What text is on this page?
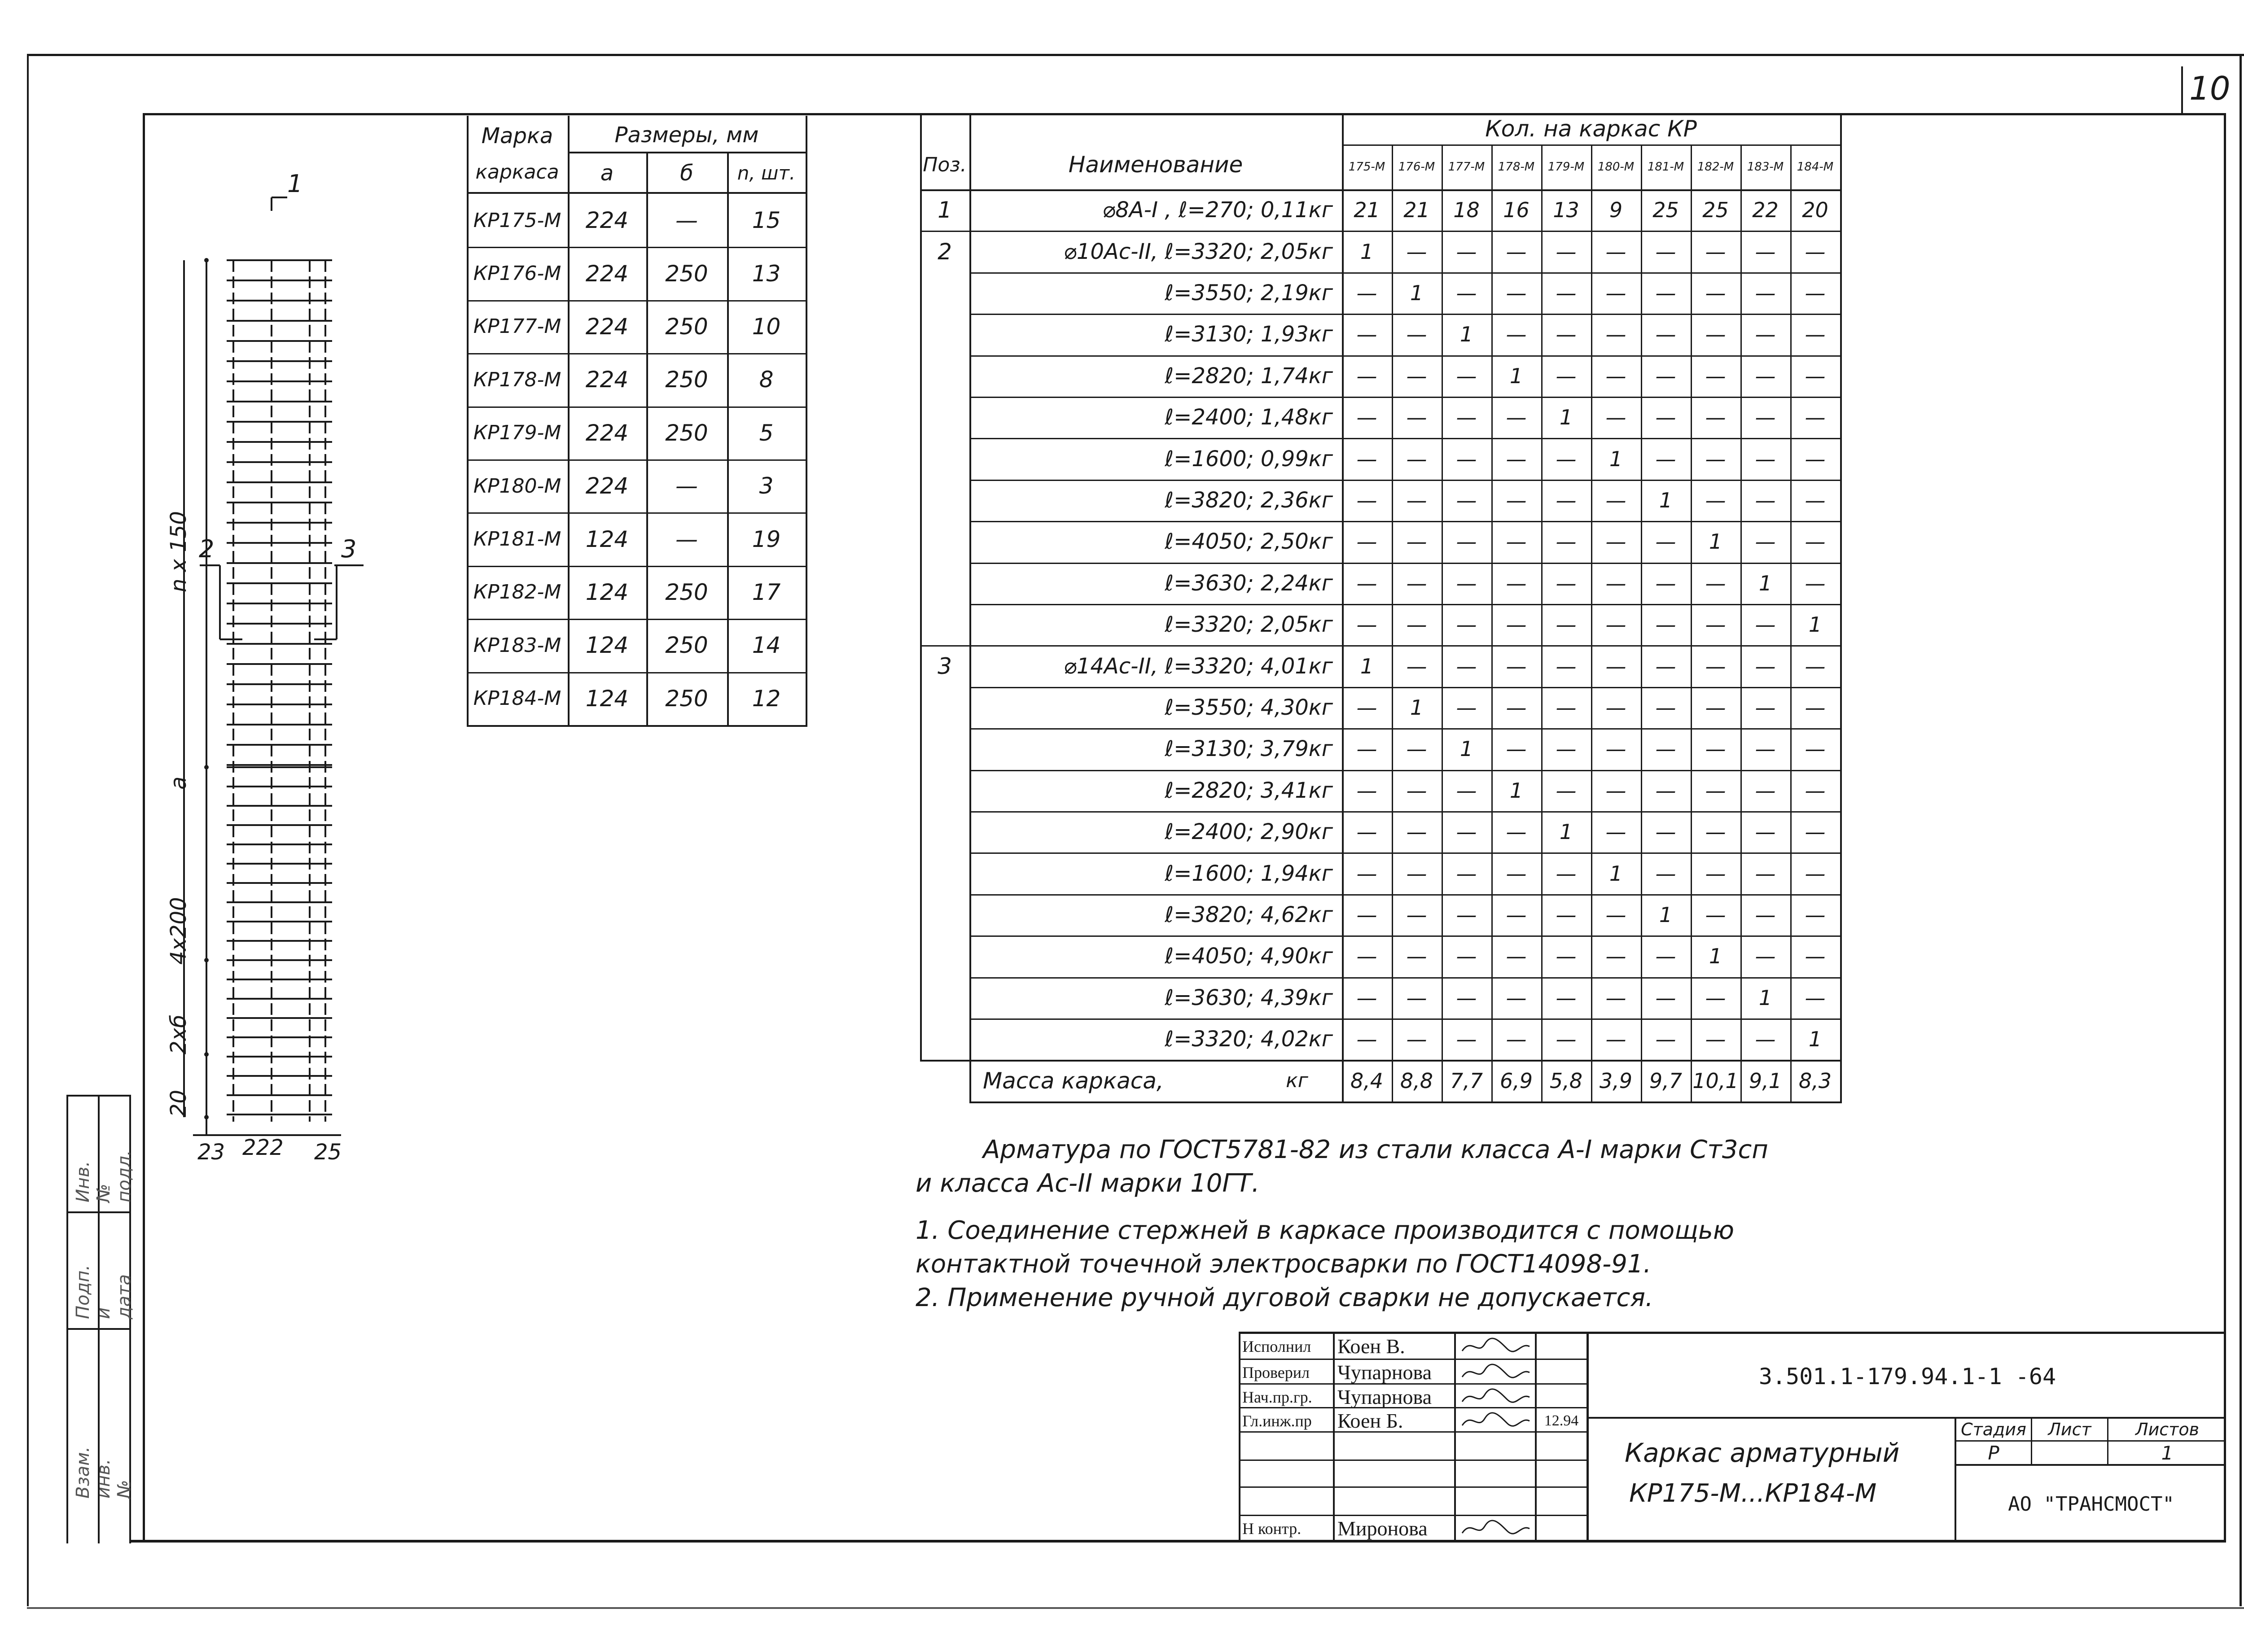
10
Инв. № подл.
Подп. и дата
Взам. инв. №
1
2	3
n x 150
а
4x200
2хб
20
23 222 25
Марка
каркаса
Размеры, мм
а	б	n, шт.
КР175-М	224	—	15
КР176-М	224	250	13
КР177-М	224	250	10
КР178-М	224	250	8
КР179-М	224	250	5
КР180-М	224	—	3
КР181-М	124	—	19
КР182-М	124	250	17
КР183-М	124	250	14
КР184-М	124	250	12
Поз.	Наименование
Кол. на каркас КР
175-М	176-М	177-М	178-М	179-М	180-М	181-М	182-М	183-М	184-М
1	⌀8А-I , ℓ=270; 0,11кг	21	21	18	16	13	9	25	25	22	20
2	⌀10Ас-II, ℓ=3320; 2,05кг	1	—	—	—	—	—	—	—	—	—
ℓ=3550; 2,19кг	—	1	—	—	—	—	—	—	—	—
ℓ=3130; 1,93кг	—	—	1	—	—	—	—	—	—	—
ℓ=2820; 1,74кг	—	—	—	1	—	—	—	—	—	—
ℓ=2400; 1,48кг	—	—	—	—	1	—	—	—	—	—
ℓ=1600; 0,99кг	—	—	—	—	—	1	—	—	—	—
ℓ=3820; 2,36кг	—	—	—	—	—	—	1	—	—	—
ℓ=4050; 2,50кг	—	—	—	—	—	—	—	1	—	—
ℓ=3630; 2,24кг	—	—	—	—	—	—	—	—	1	—
ℓ=3320; 2,05кг	—	—	—	—	—	—	—	—	—	1
3	⌀14Ас-II, ℓ=3320; 4,01кг	1	—	—	—	—	—	—	—	—	—
ℓ=3550; 4,30кг	—	1	—	—	—	—	—	—	—	—
ℓ=3130; 3,79кг	—	—	1	—	—	—	—	—	—	—
ℓ=2820; 3,41кг	—	—	—	1	—	—	—	—	—	—
ℓ=2400; 2,90кг	—	—	—	—	1	—	—	—	—	—
ℓ=1600; 1,94кг	—	—	—	—	—	1	—	—	—	—
ℓ=3820; 4,62кг	—	—	—	—	—	—	1	—	—	—
ℓ=4050; 4,90кг	—	—	—	—	—	—	—	1	—	—
ℓ=3630; 4,39кг	—	—	—	—	—	—	—	—	1	—
ℓ=3320; 4,02кг	—	—	—	—	—	—	—	—	—	1
Масса каркаса,	кг	8,4 8,8 7,7 6,9 5,8 3,9 9,7 10,1 9,1 8,3
Арматура по ГОСТ5781-82 из стали класса А-I марки Ст3сп
и класса Ас-II марки 10ГТ.
1. Соединение стержней в каркасе производится с помощью
контактной точечной электросварки по ГОСТ14098-91.
2. Применение ручной дуговой сварки не допускается.
Исполнил	Коен В.
Проверил	Чупарнова
Нач.пр.гр.	Чупарнова
Гл.инж.пр	Коен Б.	12.94
Н контр.	Миронова
3.501.1-179.94.1-1 -64
Каркас арматурный
КР175-М...КР184-М
Стадия	Лист	Листов
Р	1
АО "ТРАНСМОСТ"
